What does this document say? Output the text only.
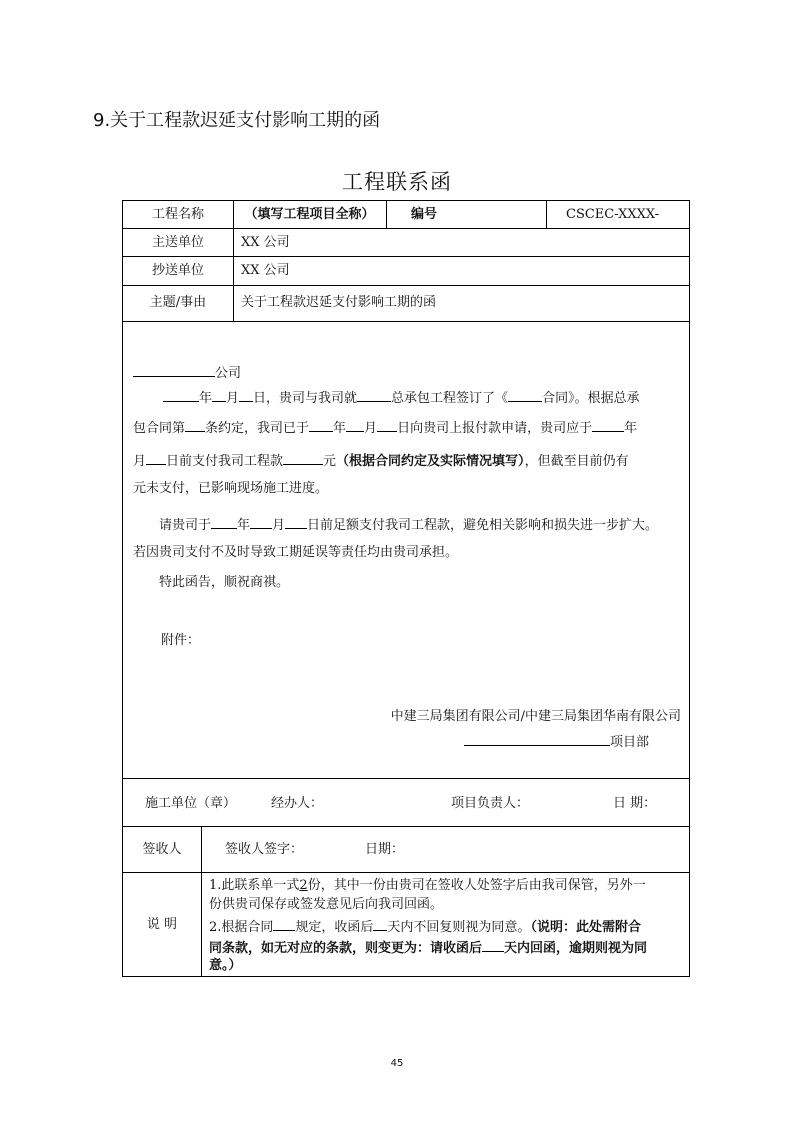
9.关于工程款迟延支付影响工期的函
工程联系函
工程名称	（填写工程项目全称）	编号	CSCEC-XXXX-
主送单位	XX 公司
抄送单位	XX 公司
主题/事由	关于工程款迟延支付影响工期的函
公司
年 月 日，贵司与我司就	总承包工程签订了《	合同》。根据总承
包合同第 条约定，我司已于 年 月 日向贵司上报付款申请，贵司应于 年
月 日前支付我司工程款	元（根据合同约定及实际情况填写），但截至目前仍有
元未支付，已影响现场施工进度。
请贵司于 年 月 日前足额支付我司工程款，避免相关影响和损失进一步扩大。
若因贵司支付不及时导致工期延误等责任均由贵司承担。
特此函告，顺祝商祺。
附件：
中建三局集团有限公司/中建三局集团华南有限公司
项目部
施工单位（章）	经办人：	项目负责人：	日 期：
签收人	签收人签字：	日期：
说 明
1.此联系单一式2份，其中一份由贵司在签收人处签字后由我司保管，另外一
份供贵司保存或签发意见后向我司回函。
2.根据合同 规定，收函后 天内不回复则视为同意。（说明：此处需附合
同条款，如无对应的条款，则变更为：请收函后 天内回函，逾期则视为同
意。）
45
